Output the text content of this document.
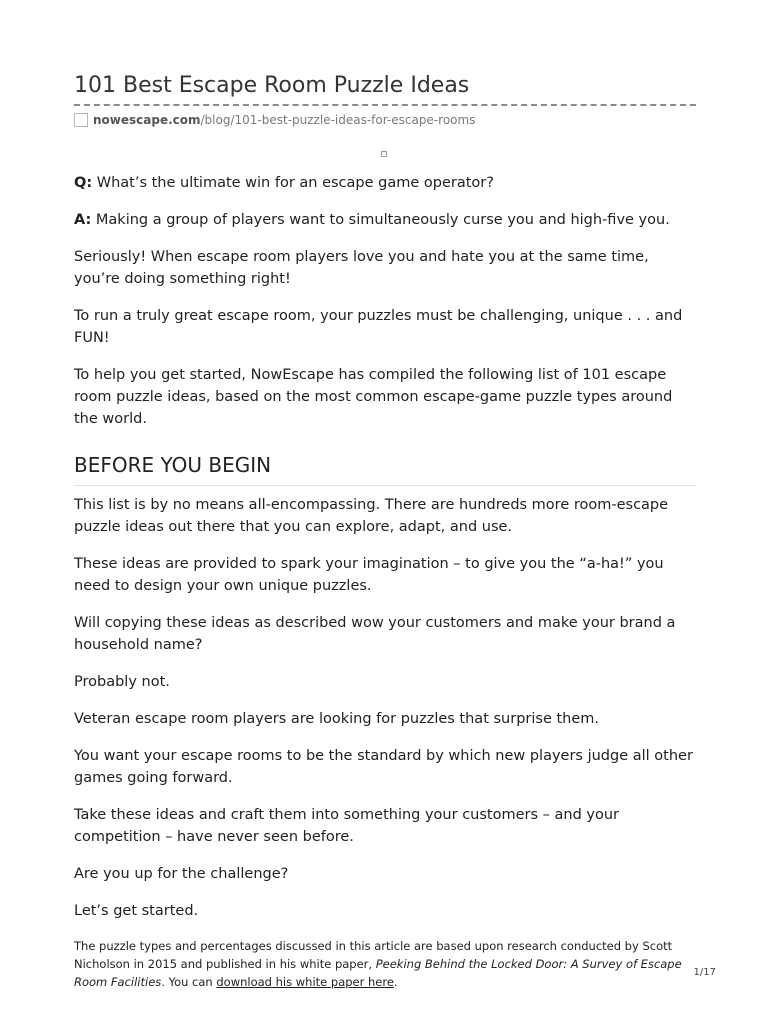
101 Best Escape Room Puzzle Ideas
nowescape.com /blog/101-best-puzzle-ideas-for-escape-rooms

Q: What’s the ultimate win for an escape game operator?

A: Making a group of players want to simultaneously curse you and high-five you.

Seriously! When escape room players love you and hate you at the same time, you’re doing something right!

To run a truly great escape room, your puzzles must be challenging, unique . . . and FUN!

To help you get started, NowEscape has compiled the following list of 101 escape room puzzle ideas, based on the most common escape-game puzzle types around the world.

BEFORE YOU BEGIN

This list is by no means all-encompassing. There are hundreds more room-escape puzzle ideas out there that you can explore, adapt, and use.

These ideas are provided to spark your imagination – to give you the “a-ha!” you need to design your own unique puzzles.

Will copying these ideas as described wow your customers and make your brand a household name?

Probably not.

Veteran escape room players are looking for puzzles that surprise them.

You want your escape rooms to be the standard by which new players judge all other games going forward.

Take these ideas and craft them into something your customers – and your competition – have never seen before.

Are you up for the challenge?

Let’s get started.

The puzzle types and percentages discussed in this article are based upon research conducted by Scott Nicholson in 2015 and published in his white paper, Peeking Behind the Locked Door: A Survey of Escape Room Facilities. You can download his white paper here.
1/17
